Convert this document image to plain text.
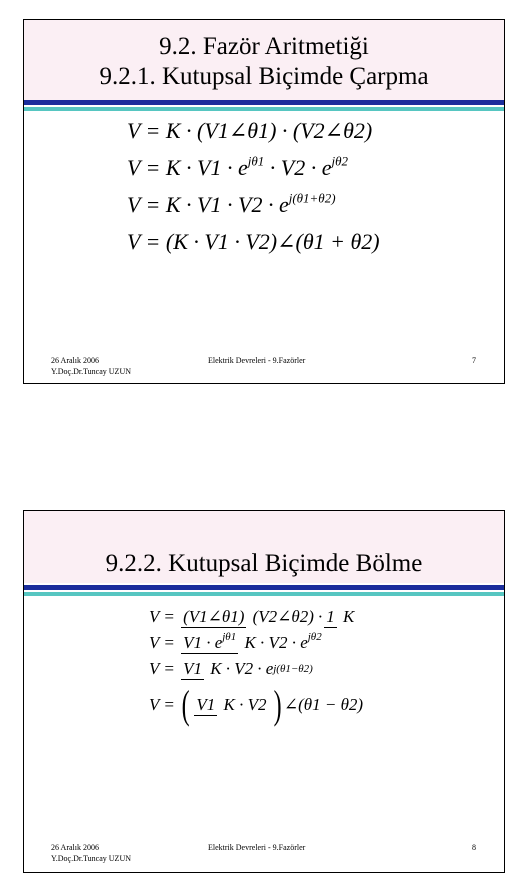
9.2. Fazör Aritmetiği
9.2.1. Kutupsal Biçimde Çarpma
V = K · (V1∠θ1) · (V2∠θ2)
$V = K \cdot V1 \cdot e^{j\theta 1} \cdot V2 \cdot e^{j\theta 2}$
$V = K \cdot V1 \cdot V2 \cdot e^{j(\theta 1+\theta 2)}$
V = (K · V1 · V2)∠(θ1 + θ2)
26 Aralık 2006
Y.Doç.Dr.Tuncay UZUN
Elektrik Devreleri - 9.Fazörler	7
9.2.2. Kutupsal Biçimde Bölme
V =
(V1∠θ1) (V2∠θ2) · 1 K
V =
$V1 \cdot e^{j\theta 1}$ $K \cdot V2 \cdot e^{j\theta 2}$
V =
V1 K · V2 · e j(θ1−θ2)
V =
( V1 K · V2 ) ∠(θ1 − θ2)
26 Aralık 2006
Y.Doç.Dr.Tuncay UZUN
Elektrik Devreleri - 9.Fazörler	8
